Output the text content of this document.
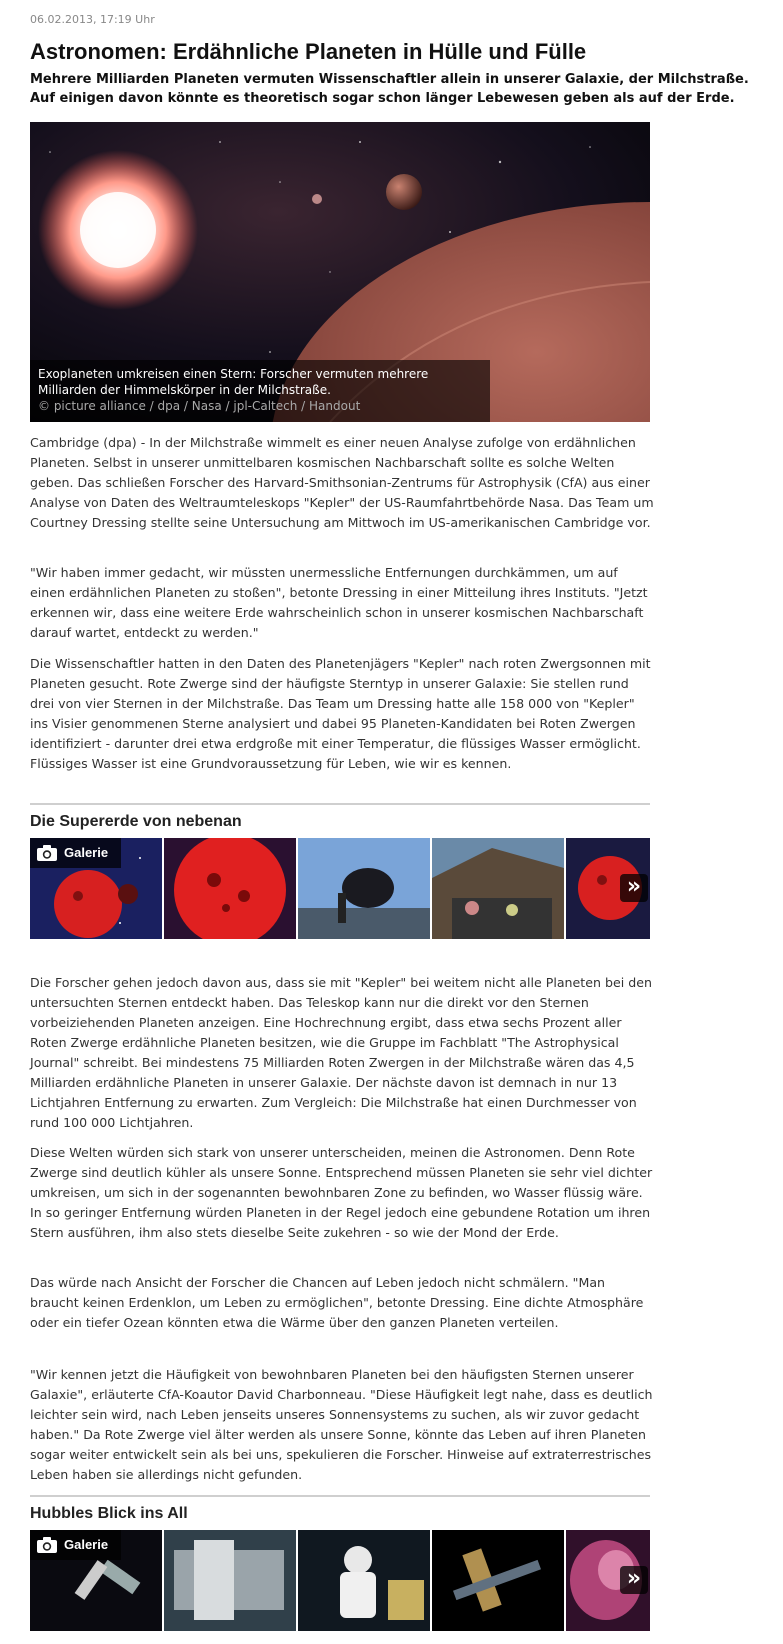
06.02.2013, 17:19 Uhr
Astronomen: Erdähnliche Planeten in Hülle und Fülle

Mehrere Milliarden Planeten vermuten Wissenschaftler allein in unserer Galaxie, der Milchstraße. Auf einigen davon könnte es theoretisch sogar schon länger Lebewesen geben als auf der Erde.

Exoplaneten umkreisen einen Stern: Forscher vermuten mehrere Milliarden der Himmelskörper in der Milchstraße.
© picture alliance / dpa / Nasa / jpl-Caltech / Handout

Cambridge (dpa) - In der Milchstraße wimmelt es einer neuen Analyse zufolge von erdähnlichen Planeten. Selbst in unserer unmittelbaren kosmischen Nachbarschaft sollte es solche Welten geben. Das schließen Forscher des Harvard-Smithsonian-Zentrums für Astrophysik (CfA) aus einer Analyse von Daten des Weltraumteleskops "Kepler" der US-Raumfahrtbehörde Nasa. Das Team um Courtney Dressing stellte seine Untersuchung am Mittwoch im US-amerikanischen Cambridge vor.

"Wir haben immer gedacht, wir müssten unermessliche Entfernungen durchkämmen, um auf einen erdähnlichen Planeten zu stoßen", betonte Dressing in einer Mitteilung ihres Instituts. "Jetzt erkennen wir, dass eine weitere Erde wahrscheinlich schon in unserer kosmischen Nachbarschaft darauf wartet, entdeckt zu werden."

Die Wissenschaftler hatten in den Daten des Planetenjägers "Kepler" nach roten Zwergsonnen mit Planeten gesucht. Rote Zwerge sind der häufigste Sterntyp in unserer Galaxie: Sie stellen rund drei von vier Sternen in der Milchstraße. Das Team um Dressing hatte alle 158 000 von "Kepler" ins Visier genommenen Sterne analysiert und dabei 95 Planeten-Kandidaten bei Roten Zwergen identifiziert - darunter drei etwa erdgroße mit einer Temperatur, die flüssiges Wasser ermöglicht. Flüssiges Wasser ist eine Grundvoraussetzung für Leben, wie wir es kennen.

Die Supererde von nebenan
Galerie
»

Die Forscher gehen jedoch davon aus, dass sie mit "Kepler" bei weitem nicht alle Planeten bei den untersuchten Sternen entdeckt haben. Das Teleskop kann nur die direkt vor den Sternen vorbeiziehenden Planeten anzeigen. Eine Hochrechnung ergibt, dass etwa sechs Prozent aller Roten Zwerge erdähnliche Planeten besitzen, wie die Gruppe im Fachblatt "The Astrophysical Journal" schreibt. Bei mindestens 75 Milliarden Roten Zwergen in der Milchstraße wären das 4,5 Milliarden erdähnliche Planeten in unserer Galaxie. Der nächste davon ist demnach in nur 13 Lichtjahren Entfernung zu erwarten. Zum Vergleich: Die Milchstraße hat einen Durchmesser von rund 100 000 Lichtjahren.

Diese Welten würden sich stark von unserer unterscheiden, meinen die Astronomen. Denn Rote Zwerge sind deutlich kühler als unsere Sonne. Entsprechend müssen Planeten sie sehr viel dichter umkreisen, um sich in der sogenannten bewohnbaren Zone zu befinden, wo Wasser flüssig wäre. In so geringer Entfernung würden Planeten in der Regel jedoch eine gebundene Rotation um ihren Stern ausführen, ihm also stets dieselbe Seite zukehren - so wie der Mond der Erde.

Das würde nach Ansicht der Forscher die Chancen auf Leben jedoch nicht schmälern. "Man braucht keinen Erdenklon, um Leben zu ermöglichen", betonte Dressing. Eine dichte Atmosphäre oder ein tiefer Ozean könnten etwa die Wärme über den ganzen Planeten verteilen.

"Wir kennen jetzt die Häufigkeit von bewohnbaren Planeten bei den häufigsten Sternen unserer Galaxie", erläuterte CfA-Koautor David Charbonneau. "Diese Häufigkeit legt nahe, dass es deutlich leichter sein wird, nach Leben jenseits unseres Sonnensystems zu suchen, als wir zuvor gedacht haben." Da Rote Zwerge viel älter werden als unsere Sonne, könnte das Leben auf ihren Planeten sogar weiter entwickelt sein als bei uns, spekulieren die Forscher. Hinweise auf extraterrestrisches Leben haben sie allerdings nicht gefunden.

Hubbles Blick ins All
Galerie
»
